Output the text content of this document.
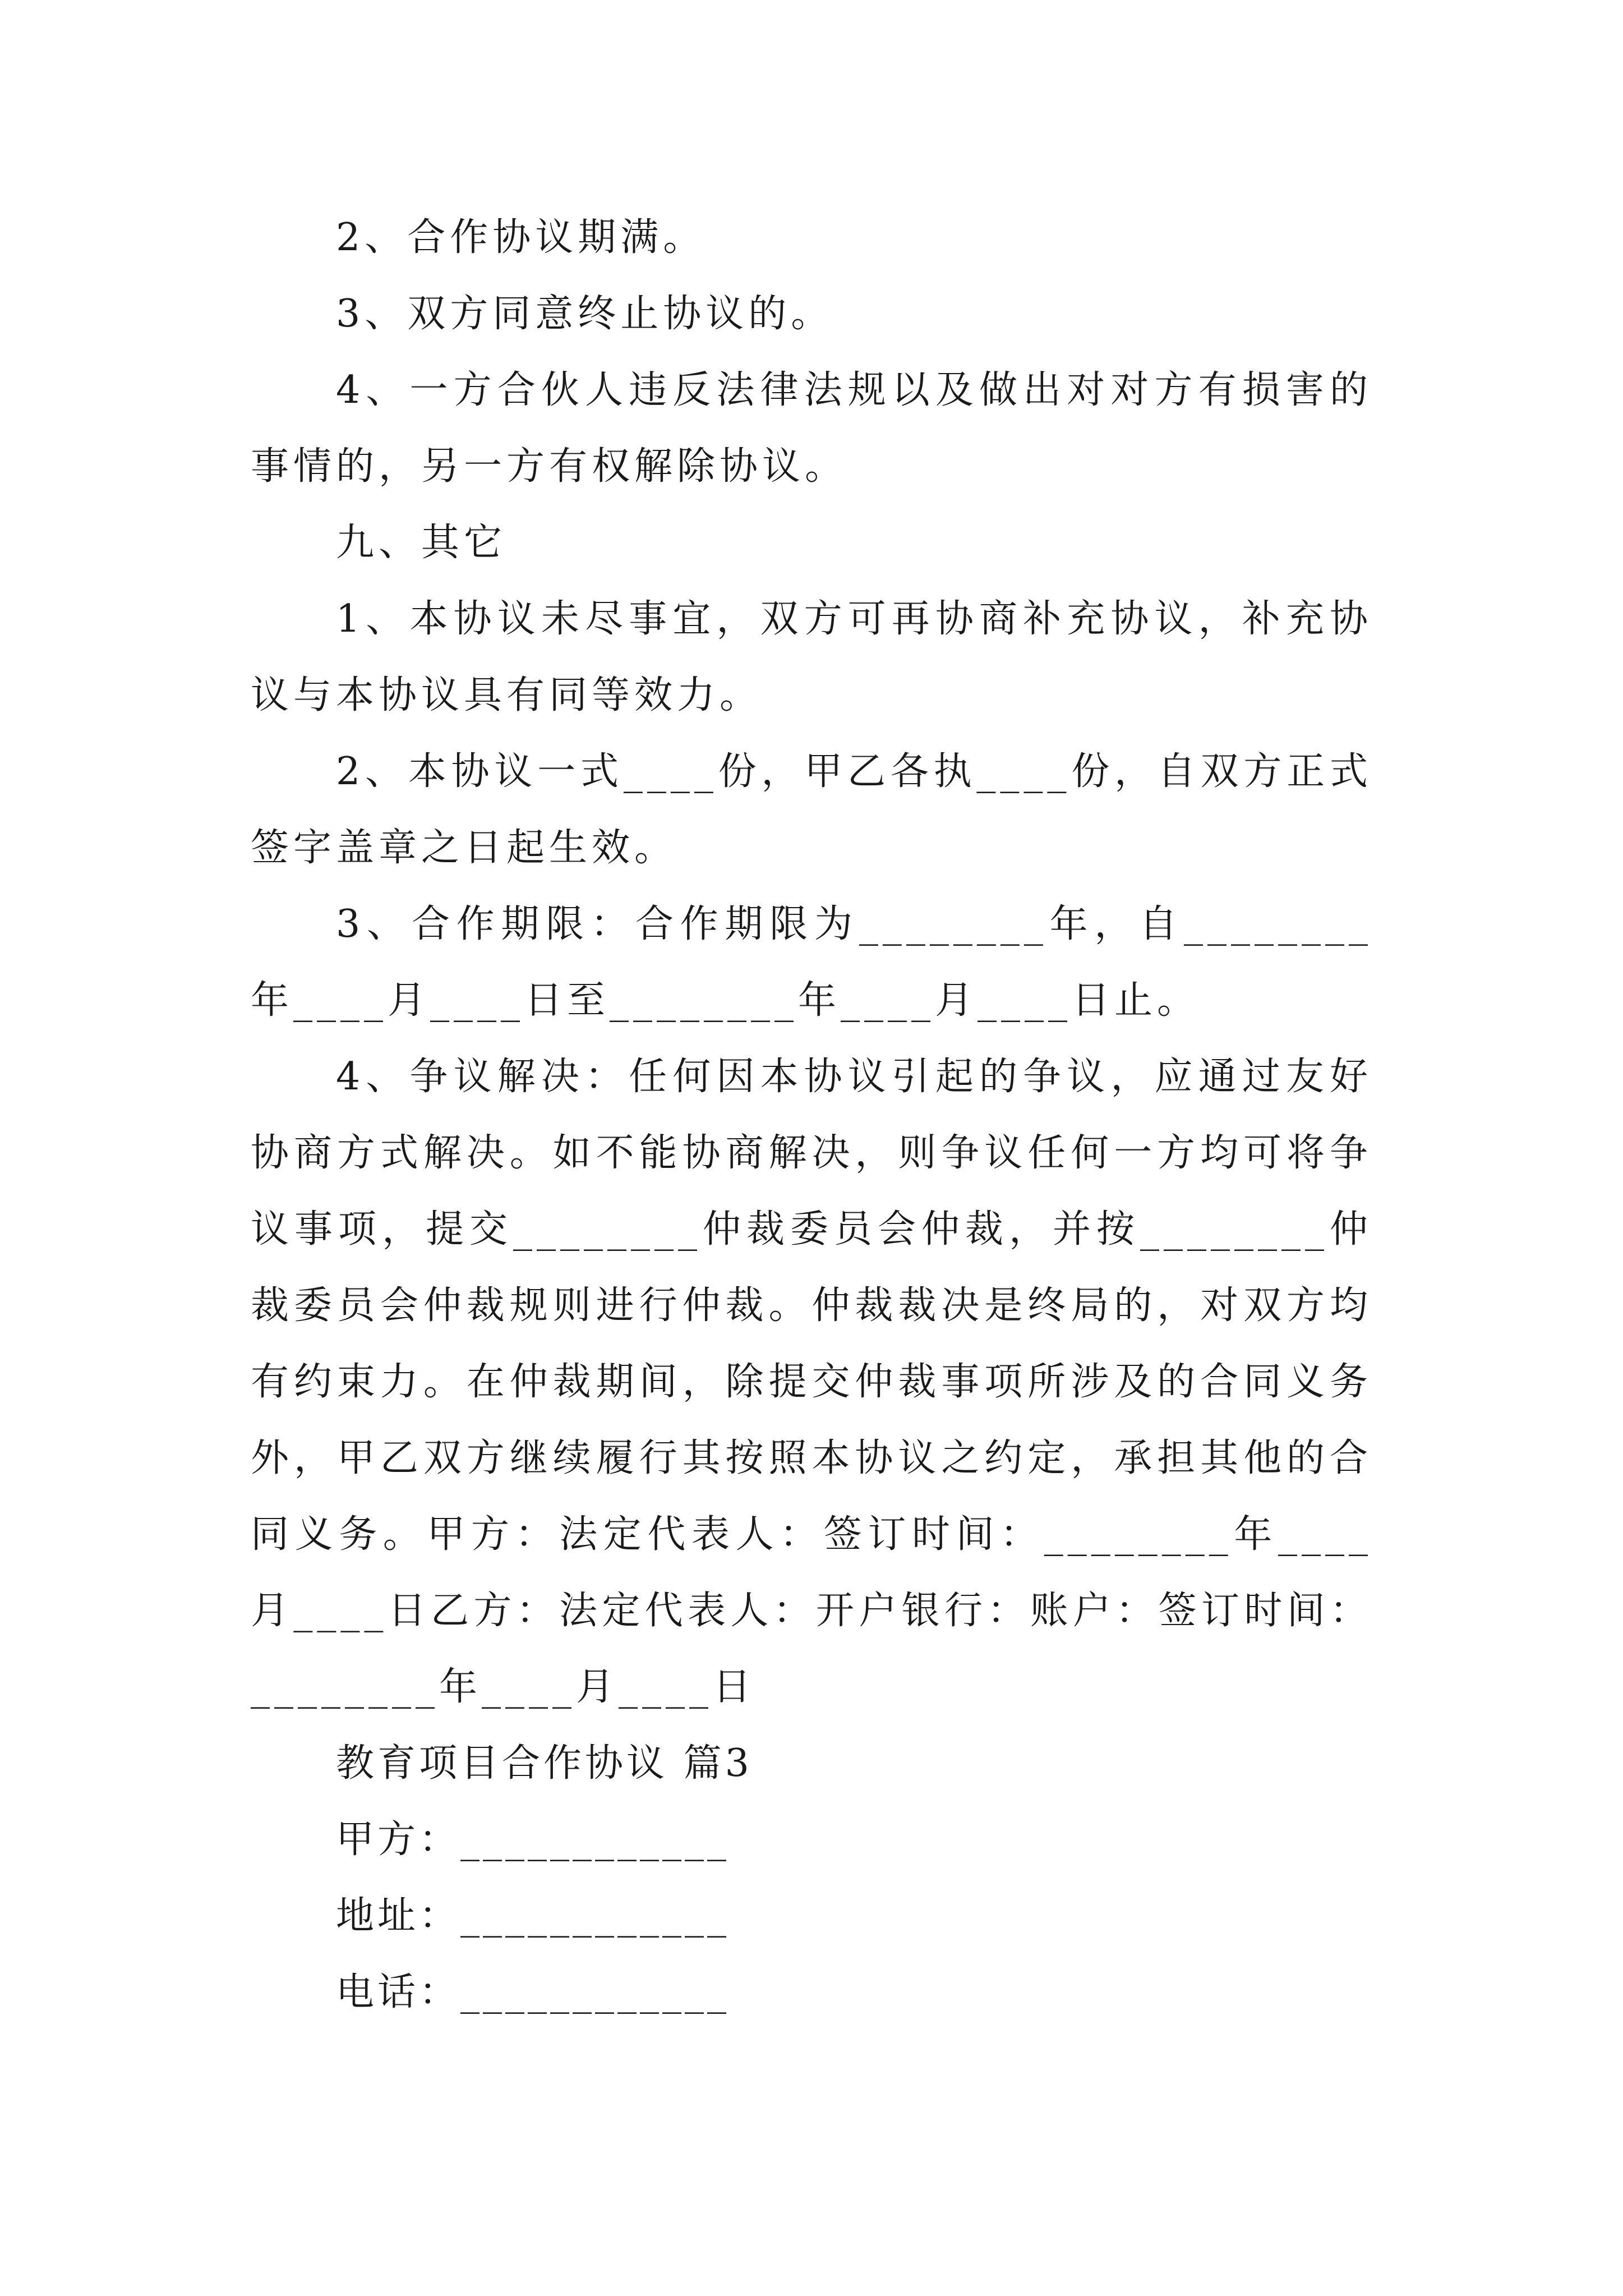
2、合作协议期满。

3、双方同意终止协议的。

4、一方合伙人违反法律法规以及做出对对方有损害的事情的，另一方有权解除协议。

九、其它

1、本协议未尽事宜，双方可再协商补充协议，补充协议与本协议具有同等效力。

2、本协议一式____份，甲乙各执____份，自双方正式签字盖章之日起生效。

3、合作期限：合作期限为________年，自________年____月____日至________年____月____日止。

4、争议解决：任何因本协议引起的争议，应通过友好协商方式解决。如不能协商解决，则争议任何一方均可将争议事项，提交________仲裁委员会仲裁，并按________仲裁委员会仲裁规则进行仲裁。仲裁裁决是终局的，对双方均有约束力。在仲裁期间，除提交仲裁事项所涉及的合同义务外，甲乙双方继续履行其按照本协议之约定，承担其他的合同义务。甲方：法定代表人：签订时间：________年____月____日乙方：法定代表人：开户银行：账户：签订时间：________年____月____日

教育项目合作协议 篇3

甲方：____________

地址：____________

电话：____________
